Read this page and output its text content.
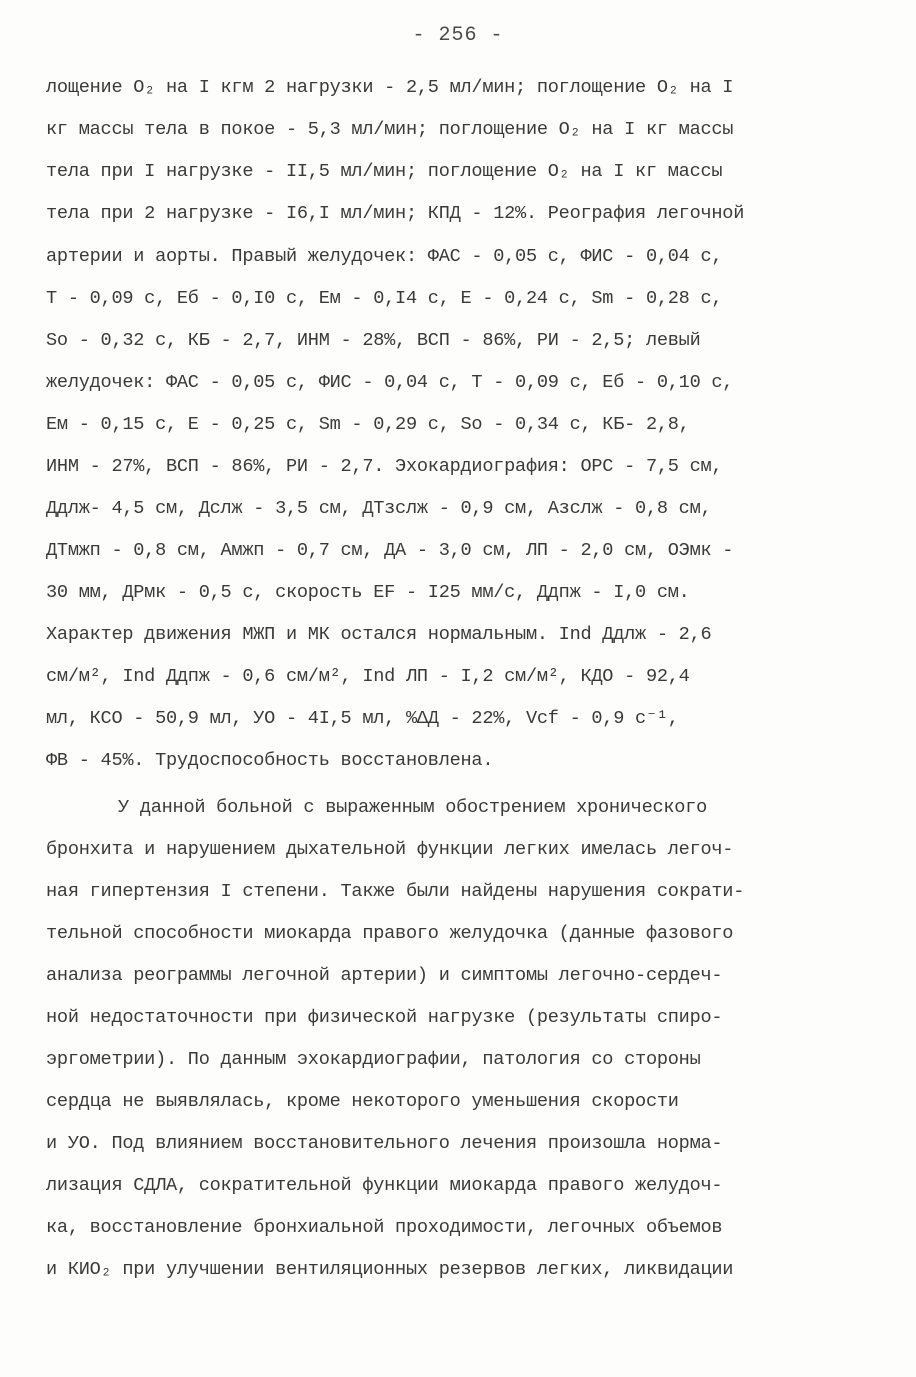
- 256 -
лощение O₂ на I кгм 2 нагрузки - 2,5 мл/мин; поглощение O₂ на I
кг массы тела в покое - 5,3 мл/мин; поглощение O₂ на I кг массы
тела при I нагрузке - II,5 мл/мин; поглощение O₂ на I кг массы
тела при 2 нагрузке - I6,I мл/мин; КПД - 12%. Реография легочной
артерии и аорты. Правый желудочек: ФАС - 0,05 с, ФИС - 0,04 с,
T - 0,09 с, Eб - 0,I0 с, Eм - 0,I4 с, E - 0,24 с, Sm - 0,28 с,
So - 0,32 с, КБ - 2,7, ИНМ - 28%, ВСП - 86%, РИ - 2,5; левый
желудочек: ФАС - 0,05 с, ФИС - 0,04 с, T - 0,09 с, Eб - 0,10 с,
Eм - 0,15 с, E - 0,25 с, Sm - 0,29 с, So - 0,34 с, КБ- 2,8,
ИНМ - 27%, ВСП - 86%, РИ - 2,7. Эхокардиография: ОРС - 7,5 см,
Ддлж- 4,5 см, Дслж - 3,5 см, ДТзслж - 0,9 см, Азслж - 0,8 см,
ДТмжп - 0,8 см, Амжп - 0,7 см, ДА - 3,0 см, ЛП - 2,0 см, ОЭмк -
30 мм, ДРмк - 0,5 с, скорость EF - I25 мм/с, Ддпж - I,0 см.
Характер движения МЖП и МК остался нормальным. Ind Ддлж - 2,6
см/м², Ind Ддпж - 0,6 см/м², Ind ЛП - I,2 см/м², КДО - 92,4
мл, КСО - 50,9 мл, УО - 4I,5 мл, %ΔД - 22%, Vcf - 0,9 с⁻¹,
ФВ - 45%. Трудоспособность восстановлена.
У данной больной с выраженным обострением хронического
бронхита и нарушением дыхательной функции легких имелась легоч-
ная гипертензия I степени. Также были найдены нарушения сократи-
тельной способности миокарда правого желудочка (данные фазового
анализа реограммы легочной артерии) и симптомы легочно-сердеч-
ной недостаточности при физической нагрузке (результаты спиро-
эргометрии). По данным эхокардиографии, патология со стороны
сердца не выявлялась, кроме некоторого уменьшения скорости
и УО. Под влиянием восстановительного лечения произошла норма-
лизация СДЛА, сократительной функции миокарда правого желудоч-
ка, восстановление бронхиальной проходимости, легочных объемов
и КИО₂ при улучшении вентиляционных резервов легких, ликвидации
